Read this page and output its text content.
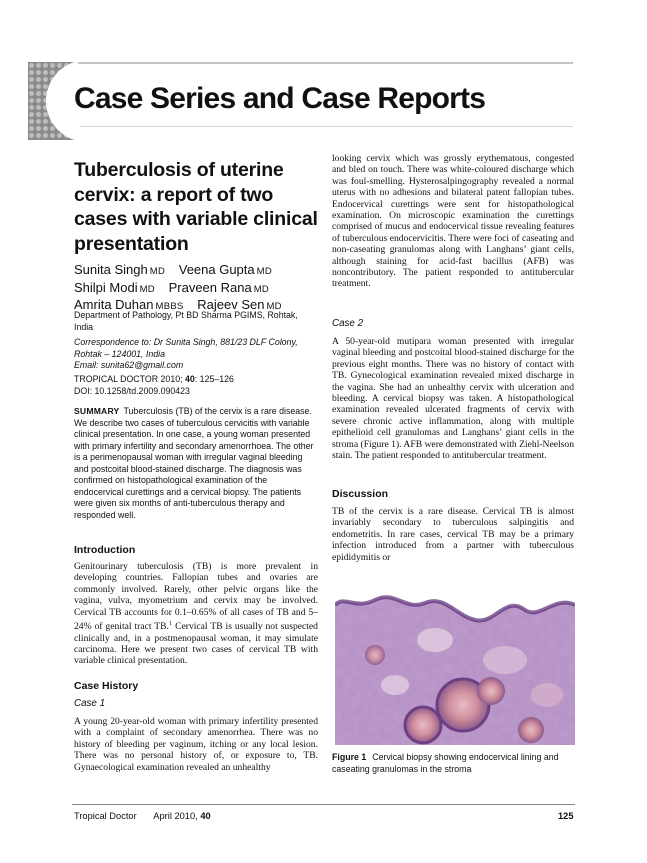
Case Series and Case Reports
Tuberculosis of uterine cervix: a report of two cases with variable clinical presentation
Sunita Singh MD Veena Gupta MD
Shilpi Modi MD Praveen Rana MD
Amrita Duhan MBBS Rajeev Sen MD
Department of Pathology, Pt BD Sharma PGIMS, Rohtak, India
Correspondence to: Dr Sunita Singh, 881/23 DLF Colony, Rohtak – 124001, India
Email: sunita62@gmail.com
TROPICAL DOCTOR 2010; 40: 125–126
DOI: 10.1258/td.2009.090423
SUMMARY Tuberculosis (TB) of the cervix is a rare disease. We describe two cases of tuberculous cervicitis with variable clinical presentation. In one case, a young woman presented with primary infertility and secondary amenorrhoea. The other is a perimenopausal woman with irregular vaginal bleeding and postcoital blood-stained discharge. The diagnosis was confirmed on histopathological examination of the endocervical curettings and a cervical biopsy. The patients were given six months of anti-tuberculous therapy and responded well.
Introduction
Genitourinary tuberculosis (TB) is more prevalent in developing countries. Fallopian tubes and ovaries are commonly involved. Rarely, other pelvic organs like the vagina, vulva, myometrium and cervix may be involved. Cervical TB accounts for 0.1–0.65% of all cases of TB and 5–24% of genital tract TB.$^1$ Cervical TB is usually not suspected clinically and, in a postmenopausal woman, it may simulate carcinoma. Here we present two cases of cervical TB with variable clinical presentation.
Case History
Case 1
A young 20-year-old woman with primary infertility presented with a complaint of secondary amenorrhea. There was no history of bleeding per vaginum, itching or any local lesion. There was no personal history of, or exposure to, TB. Gynaecological examination revealed an unhealthy
looking cervix which was grossly erythematous, congested and bled on touch. There was white-coloured discharge which was foul-smelling. Hysterosalpingography revealed a normal uterus with no adhesions and bilateral patent fallopian tubes. Endocervical curettings were sent for histopathological examination. On microscopic examination the curettings comprised of mucus and endocervical tissue revealing features of tuberculous endocervicitis. There were foci of caseating and non-caseating granulomas along with Langhans’ giant cells, although staining for acid-fast bacillus (AFB) was noncontributory. The patient responded to antitubercular treatment.
Case 2
A 50-year-old mutipara woman presented with irregular vaginal bleeding and postcoital blood-stained discharge for the previous eight months. There was no history of contact with TB. Gynecological examination revealed mixed discharge in the vagina. She had an unhealthy cervix with ulceration and bleeding. A cervical biopsy was taken. A histopathological examination revealed ulcerated fragments of cervix with severe chronic active inflammation, along with multiple epithelioid cell granulomas and Langhans’ giant cells in the stroma (Figure 1). AFB were demonstrated with Ziehl-Neelson stain. The patient responded to antitubercular treatment.
Discussion
TB of the cervix is a rare disease. Cervical TB is almost invariably secondary to tuberculous salpingitis and endometritis. In rare cases, cervical TB may be a primary infection introduced from a partner with tuberculous epididymitis or
Figure 1 Cervical biopsy showing endocervical lining and caseating granulomas in the stroma
Tropical Doctor April 2010, 40	125
